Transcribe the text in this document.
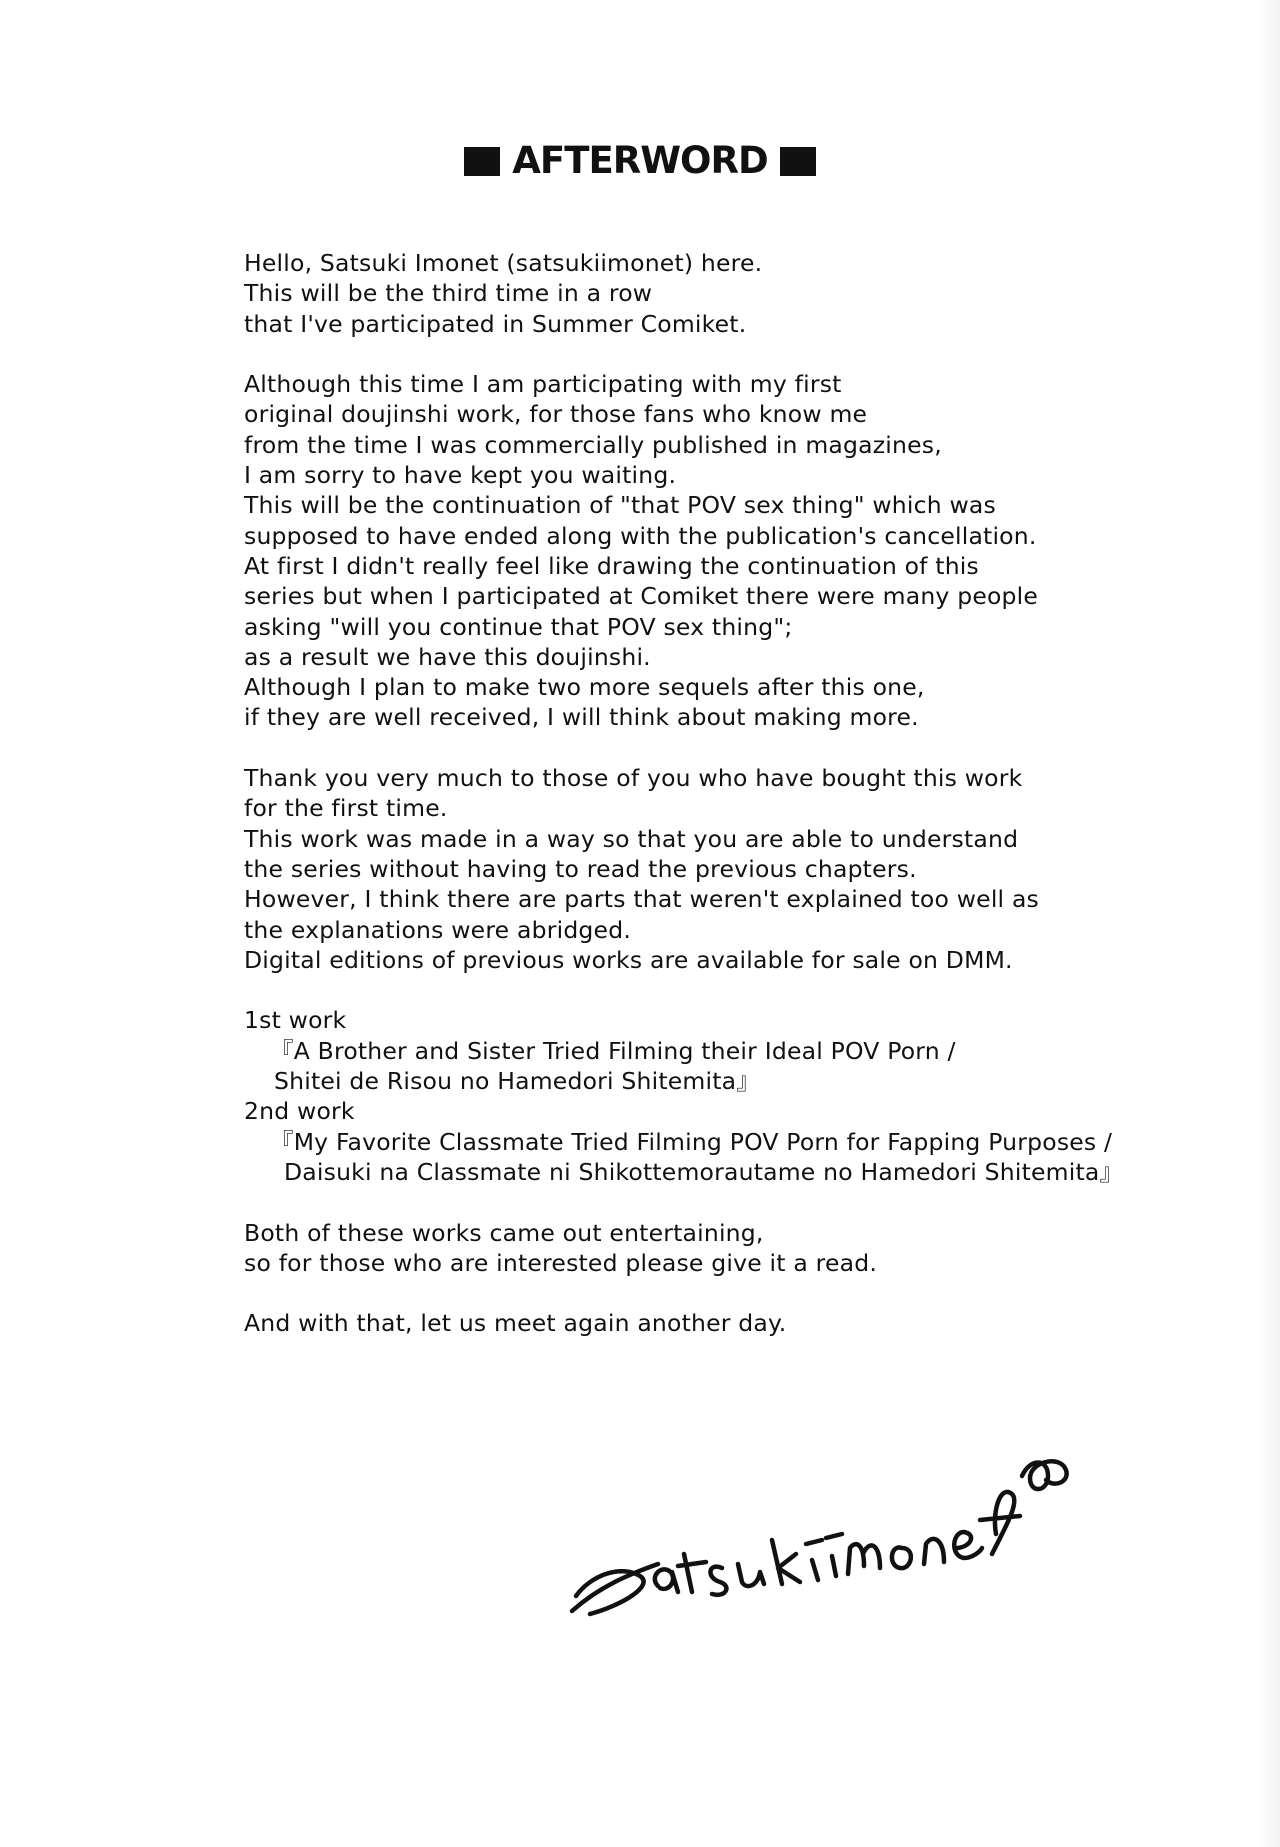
AFTERWORD
Hello, Satsuki Imonet (satsukiimonet) here.
This will be the third time in a row
that I've participated in Summer Comiket.
Although this time I am participating with my first
original doujinshi work, for those fans who know me
from the time I was commercially published in magazines,
I am sorry to have kept you waiting.
This will be the continuation of "that POV sex thing" which was
supposed to have ended along with the publication's cancellation.
At first I didn't really feel like drawing the continuation of this
series but when I participated at Comiket there were many people
asking "will you continue that POV sex thing";
as a result we have this doujinshi.
Although I plan to make two more sequels after this one,
if they are well received, I will think about making more.
Thank you very much to those of you who have bought this work
for the first time.
This work was made in a way so that you are able to understand
the series without having to read the previous chapters.
However, I think there are parts that weren't explained too well as
the explanations were abridged.
Digital editions of previous works are available for sale on DMM.
1st work
『A Brother and Sister Tried Filming their Ideal POV Porn /
Shitei de Risou no Hamedori Shitemita』
2nd work
『My Favorite Classmate Tried Filming POV Porn for Fapping Purposes /
Daisuki na Classmate ni Shikottemorautame no Hamedori Shitemita』
Both of these works came out entertaining,
so for those who are interested please give it a read.
And with that, let us meet again another day.
